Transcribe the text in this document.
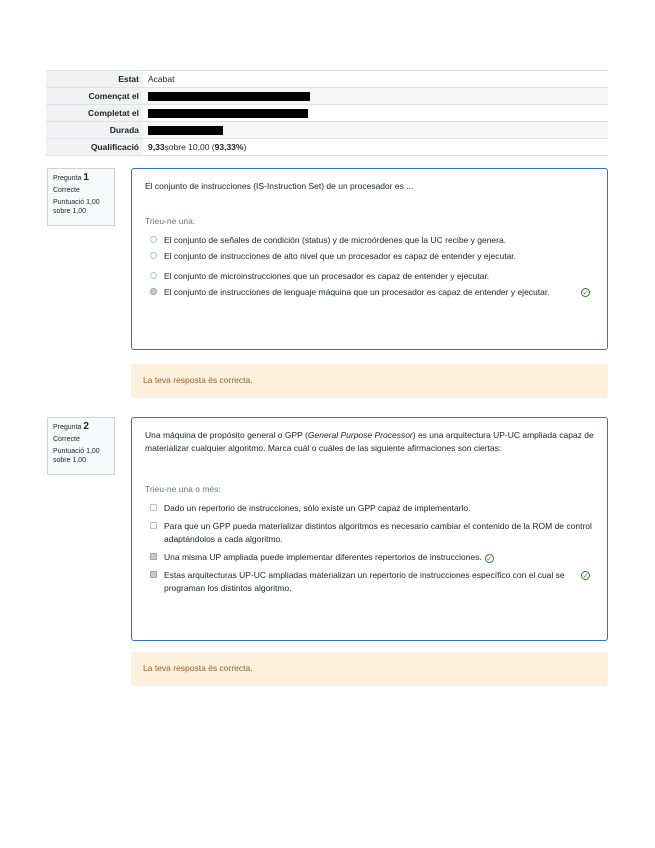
Estat	Acabat
Començat el
Completat el
Durada
Qualificació	9,33 sobre 10,00 ( 93,33% )
Pregunta 1
Correcte
Puntuació 1,00 sobre 1,00
El conjunto de instrucciones (IS-Instruction Set) de un procesador es ...
Trieu-ne una:
El conjunto de señales de condición (status) y de microórdenes que la UC recibe y genera.
El conjunto de instrucciones de alto nivel que un procesador es capaz de entender y ejecutar.
El conjunto de microinstrucciones que un procesador es capaz de entender y ejecutar.
El conjunto de instrucciones de lenguaje máquina que un procesador es capaz de entender y ejecutar.	✓
La teva resposta és correcta.
Pregunta 2
Correcte
Puntuació 1,00 sobre 1,00
Una máquina de propósito general o GPP (General Purpose Processor) es una arquitectura UP-UC ampliada capaz de materializar cualquier algoritmo. Marca cuál o cuáles de las siguiente afirmaciones son ciertas:
Trieu-ne una o més:
Dado un repertorio de instrucciones, sólo existe un GPP capaz de implementarlo.
Para que un GPP pueda materializar distintos algoritmos es necesario cambiar el contenido de la ROM de control adaptándolos a cada algoritmo.
Una misma UP ampliada puede implementar diferentes repertorios de instrucciones. ✓
Estas arquitecturas UP-UC ampliadas materializan un repertorio de instrucciones específico con el cual se programan los distintos algoritmo.
✓
La teva resposta és correcta.
